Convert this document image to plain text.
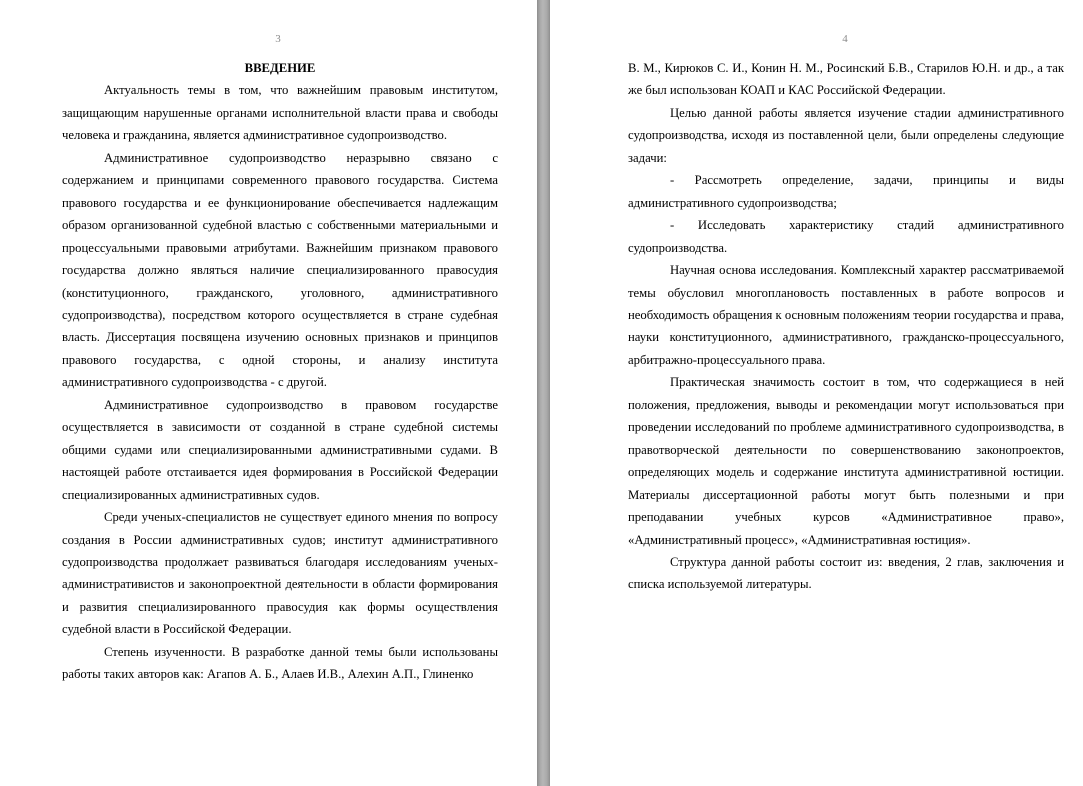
3
ВВЕДЕНИЕ

Актуальность темы в том, что важнейшим правовым институтом, защищающим нарушенные органами исполнительной власти права и свободы человека и гражданина, является административное судопроизводство.

Административное судопроизводство неразрывно связано с содержанием и принципами современного правового государства. Система правового государства и ее функционирование обеспечивается надлежащим образом организованной судебной властью с собственными материальными и процессуальными правовыми атрибутами. Важнейшим признаком правового государства должно являться наличие специализированного правосудия (конституционного, гражданского, уголовного, административного судопроизводства), посредством которого осуществляется в стране судебная власть. Диссертация посвящена изучению основных признаков и принципов правового государства, с одной стороны, и анализу института административного судопроизводства - с другой.

Административное судопроизводство в правовом государстве осуществляется в зависимости от созданной в стране судебной системы общими судами или специализированными административными судами. В настоящей работе отстаивается идея формирования в Российской Федерации специализированных административных судов.

Среди ученых-специалистов не существует единого мнения по вопросу создания в России административных судов; институт административного судопроизводства продолжает развиваться благодаря исследованиям ученых-административистов и законопроектной деятельности в области формирования и развития специализированного правосудия как формы осуществления судебной власти в Российской Федерации.

Степень изученности. В разработке данной темы были использованы работы таких авторов как: Агапов А. Б., Алаев И.В., Алехин А.П., Глиненко

4

В. М., Кирюков С. И., Конин Н. М., Росинский Б.В., Старилов Ю.Н. и др., а так же был использован КОАП и КАС Российской Федерации.

Целью данной работы является изучение стадии административного судопроизводства, исходя из поставленной цели, были определены следующие задачи:

- Рассмотреть определение, задачи, принципы и виды административного судопроизводства;

- Исследовать характеристику стадий административного судопроизводства.

Научная основа исследования. Комплексный характер рассматриваемой темы обусловил многоплановость поставленных в работе вопросов и необходимость обращения к основным положениям теории государства и права, науки конституционного, административного, гражданско-процессуального, арбитражно-процессуального права.

Практическая значимость состоит в том, что содержащиеся в ней положения, предложения, выводы и рекомендации могут использоваться при проведении исследований по проблеме административного судопроизводства, в правотворческой деятельности по совершенствованию законопроектов, определяющих модель и содержание института административной юстиции. Материалы диссертационной работы могут быть полезными и при преподавании учебных курсов «Административное право», «Административный процесс», «Административная юстиция».

Структура данной работы состоит из: введения, 2 глав, заключения и списка используемой литературы.
